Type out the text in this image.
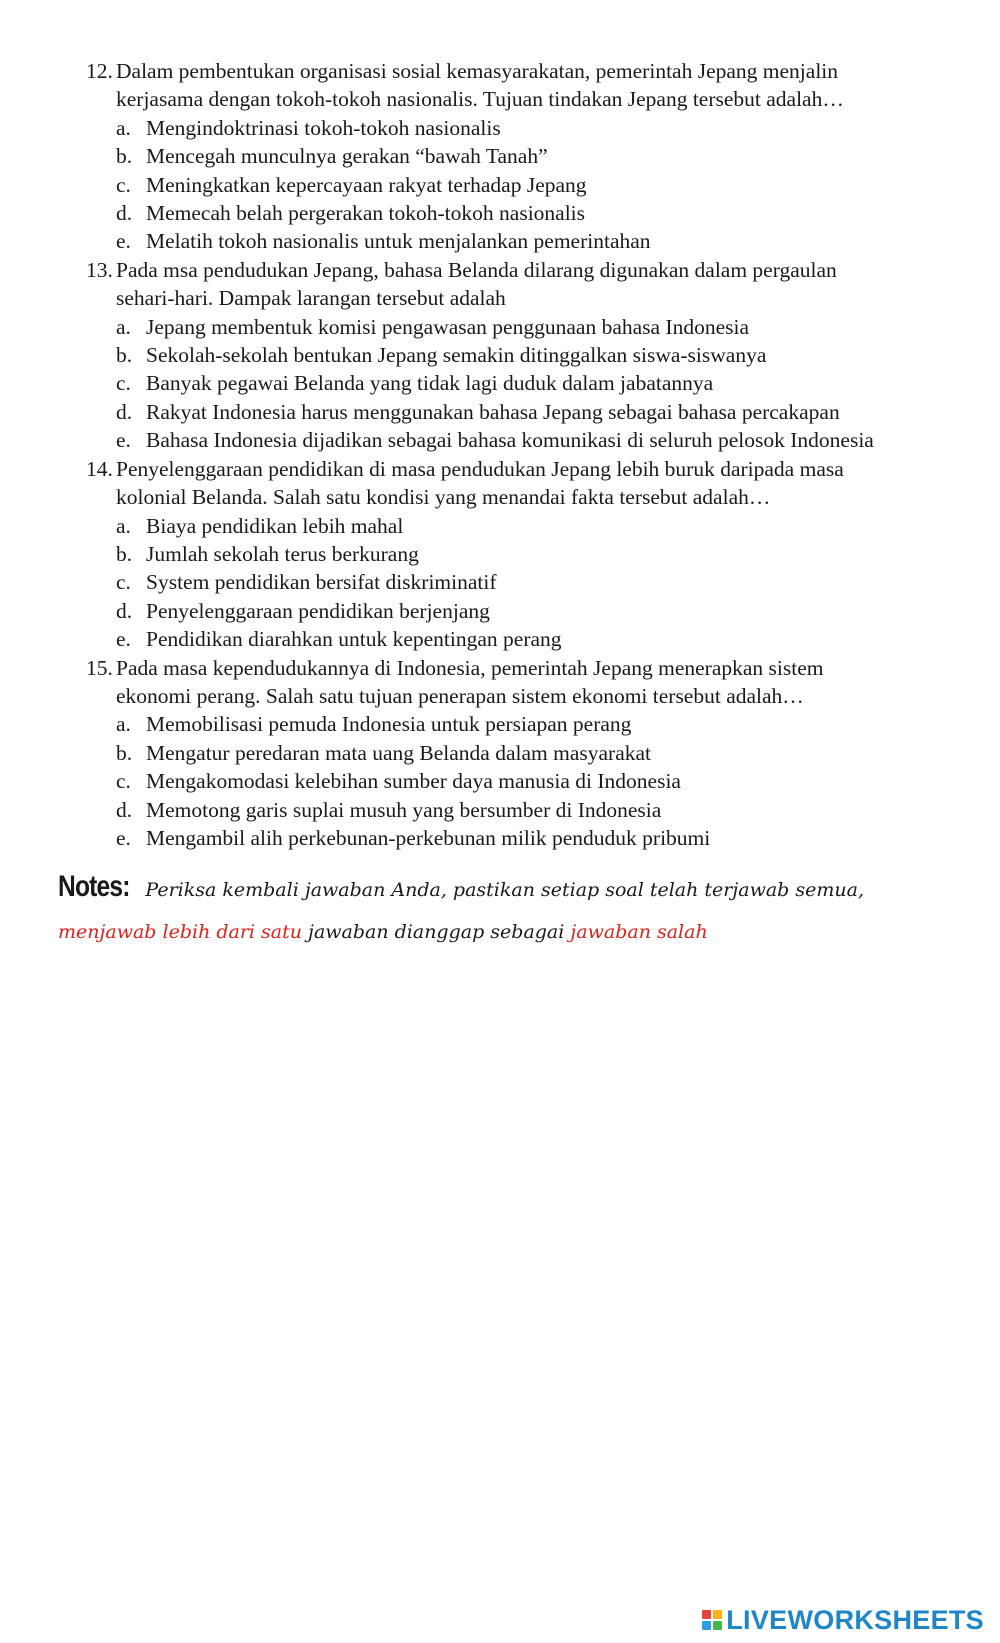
12. Dalam pembentukan organisasi sosial kemasyarakatan, pemerintah Jepang menjalin
kerjasama dengan tokoh-tokoh nasionalis. Tujuan tindakan Jepang tersebut adalah…
a. Mengindoktrinasi tokoh-tokoh nasionalis
b. Mencegah munculnya gerakan “bawah Tanah”
c. Meningkatkan kepercayaan rakyat terhadap Jepang
d. Memecah belah pergerakan tokoh-tokoh nasionalis
e. Melatih tokoh nasionalis untuk menjalankan pemerintahan
13. Pada msa pendudukan Jepang, bahasa Belanda dilarang digunakan dalam pergaulan
sehari-hari. Dampak larangan tersebut adalah
a. Jepang membentuk komisi pengawasan penggunaan bahasa Indonesia
b. Sekolah-sekolah bentukan Jepang semakin ditinggalkan siswa-siswanya
c. Banyak pegawai Belanda yang tidak lagi duduk dalam jabatannya
d. Rakyat Indonesia harus menggunakan bahasa Jepang sebagai bahasa percakapan
e. Bahasa Indonesia dijadikan sebagai bahasa komunikasi di seluruh pelosok Indonesia
14. Penyelenggaraan pendidikan di masa pendudukan Jepang lebih buruk daripada masa
kolonial Belanda. Salah satu kondisi yang menandai fakta tersebut adalah…
a. Biaya pendidikan lebih mahal
b. Jumlah sekolah terus berkurang
c. System pendidikan bersifat diskriminatif
d. Penyelenggaraan pendidikan berjenjang
e. Pendidikan diarahkan untuk kepentingan perang
15. Pada masa kependudukannya di Indonesia, pemerintah Jepang menerapkan sistem
ekonomi perang. Salah satu tujuan penerapan sistem ekonomi tersebut adalah…
a. Memobilisasi pemuda Indonesia untuk persiapan perang
b. Mengatur peredaran mata uang Belanda dalam masyarakat
c. Mengakomodasi kelebihan sumber daya manusia di Indonesia
d. Memotong garis suplai musuh yang bersumber di Indonesia
e. Mengambil alih perkebunan-perkebunan milik penduduk pribumi
Notes: Periksa kembali jawaban Anda, pastikan setiap soal telah terjawab semua, menjawab lebih dari satu jawaban dianggap sebagai jawaban salah
LIVEWORKSHEETS
